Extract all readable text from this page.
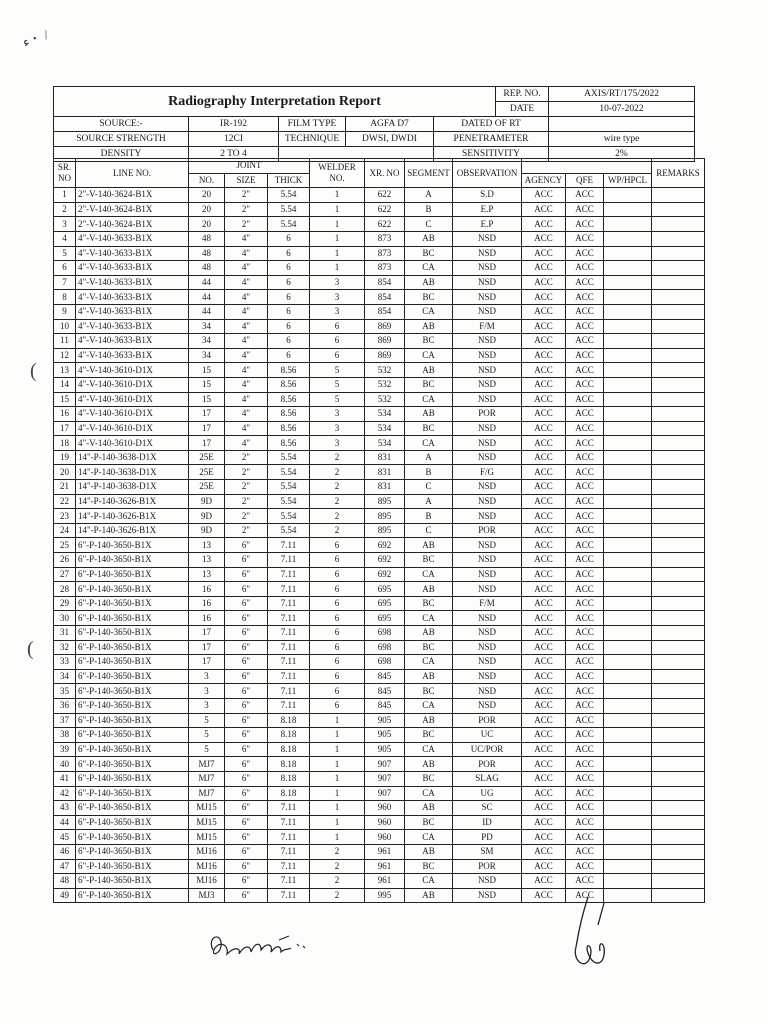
ء・ /
Radiography Interpretation Report					REP. NO.	AXIS/RT/175/2022
					DATE	10-07-2022
SOURCE:-	IR-192	FILM TYPE	AGFA D7	DATED OF RT		
SOURCE STRENGTH	12CI	TECHNIQUE	DWSI, DWDI	PENETRAMETER		wire type
DENSITY	2 TO 4			SENSITIVITY		2%
SR. NO	LINE NO.	JOINT			WELDER NO.	XR. NO	SEGMENT	OBSERVATION				REMARKS
		NO.	SIZE	THICK					AGENCY	QFE	WP/HPCL	
1	2"-V-140-3624-B1X	20	2"	5.54	1	622	A	S.D	ACC	ACC		
2	2"-V-140-3624-B1X	20	2"	5.54	1	622	B	E.P	ACC	ACC		
3	2"-V-140-3624-B1X	20	2"	5.54	1	622	C	E.P	ACC	ACC		
4	4"-V-140-3633-B1X	48	4"	6	1	873	AB	NSD	ACC	ACC		
5	4"-V-140-3633-B1X	48	4"	6	1	873	BC	NSD	ACC	ACC		
6	4"-V-140-3633-B1X	48	4"	6	1	873	CA	NSD	ACC	ACC		
7	4"-V-140-3633-B1X	44	4"	6	3	854	AB	NSD	ACC	ACC		
8	4"-V-140-3633-B1X	44	4"	6	3	854	BC	NSD	ACC	ACC		
9	4"-V-140-3633-B1X	44	4"	6	3	854	CA	NSD	ACC	ACC		
10	4"-V-140-3633-B1X	34	4"	6	6	869	AB	F/M	ACC	ACC		
11	4"-V-140-3633-B1X	34	4"	6	6	869	BC	NSD	ACC	ACC		
12	4"-V-140-3633-B1X	34	4"	6	6	869	CA	NSD	ACC	ACC		
13	4"-V-140-3610-D1X	15	4"	8.56	5	532	AB	NSD	ACC	ACC		
14	4"-V-140-3610-D1X	15	4"	8.56	5	532	BC	NSD	ACC	ACC		
15	4"-V-140-3610-D1X	15	4"	8.56	5	532	CA	NSD	ACC	ACC		
16	4"-V-140-3610-D1X	17	4"	8.56	3	534	AB	POR	ACC	ACC		
17	4"-V-140-3610-D1X	17	4"	8.56	3	534	BC	NSD	ACC	ACC		
18	4"-V-140-3610-D1X	17	4"	8.56	3	534	CA	NSD	ACC	ACC		
19	14"-P-140-3638-D1X	25E	2"	5.54	2	831	A	NSD	ACC	ACC		
20	14"-P-140-3638-D1X	25E	2"	5.54	2	831	B	F/G	ACC	ACC		
21	14"-P-140-3638-D1X	25E	2"	5.54	2	831	C	NSD	ACC	ACC		
22	14"-P-140-3626-B1X	9D	2"	5.54	2	895	A	NSD	ACC	ACC		
23	14"-P-140-3626-B1X	9D	2"	5.54	2	895	B	NSD	ACC	ACC		
24	14"-P-140-3626-B1X	9D	2"	5.54	2	895	C	POR	ACC	ACC		
25	6"-P-140-3650-B1X	13	6"	7.11	6	692	AB	NSD	ACC	ACC		
26	6"-P-140-3650-B1X	13	6"	7.11	6	692	BC	NSD	ACC	ACC		
27	6"-P-140-3650-B1X	13	6"	7.11	6	692	CA	NSD	ACC	ACC		
28	6"-P-140-3650-B1X	16	6"	7.11	6	695	AB	NSD	ACC	ACC		
29	6"-P-140-3650-B1X	16	6"	7.11	6	695	BC	F/M	ACC	ACC		
30	6"-P-140-3650-B1X	16	6"	7.11	6	695	CA	NSD	ACC	ACC		
31	6"-P-140-3650-B1X	17	6"	7.11	6	698	AB	NSD	ACC	ACC		
32	6"-P-140-3650-B1X	17	6"	7.11	6	698	BC	NSD	ACC	ACC		
33	6"-P-140-3650-B1X	17	6"	7.11	6	698	CA	NSD	ACC	ACC		
34	6"-P-140-3650-B1X	3	6"	7.11	6	845	AB	NSD	ACC	ACC		
35	6"-P-140-3650-B1X	3	6"	7.11	6	845	BC	NSD	ACC	ACC		
36	6"-P-140-3650-B1X	3	6"	7.11	6	845	CA	NSD	ACC	ACC		
37	6"-P-140-3650-B1X	5	6"	8.18	1	905	AB	POR	ACC	ACC		
38	6"-P-140-3650-B1X	5	6"	8.18	1	905	BC	UC	ACC	ACC		
39	6"-P-140-3650-B1X	5	6"	8.18	1	905	CA	UC/POR	ACC	ACC		
40	6"-P-140-3650-B1X	MJ7	6"	8.18	1	907	AB	POR	ACC	ACC		
41	6"-P-140-3650-B1X	MJ7	6"	8.18	1	907	BC	SLAG	ACC	ACC		
42	6"-P-140-3650-B1X	MJ7	6"	8.18	1	907	CA	UG	ACC	ACC		
43	6"-P-140-3650-B1X	MJ15	6"	7.11	1	960	AB	SC	ACC	ACC		
44	6"-P-140-3650-B1X	MJ15	6"	7.11	1	960	BC	ID	ACC	ACC		
45	6"-P-140-3650-B1X	MJ15	6"	7.11	1	960	CA	PD	ACC	ACC		
46	6"-P-140-3650-B1X	MJ16	6"	7.11	2	961	AB	SM	ACC	ACC		
47	6"-P-140-3650-B1X	MJ16	6"	7.11	2	961	BC	POR	ACC	ACC		
48	6"-P-140-3650-B1X	MJ16	6"	7.11	2	961	CA	NSD	ACC	ACC		
49	6"-P-140-3650-B1X	MJ3	6"	7.11	2	995	AB	NSD	ACC	ACC		
(
(
